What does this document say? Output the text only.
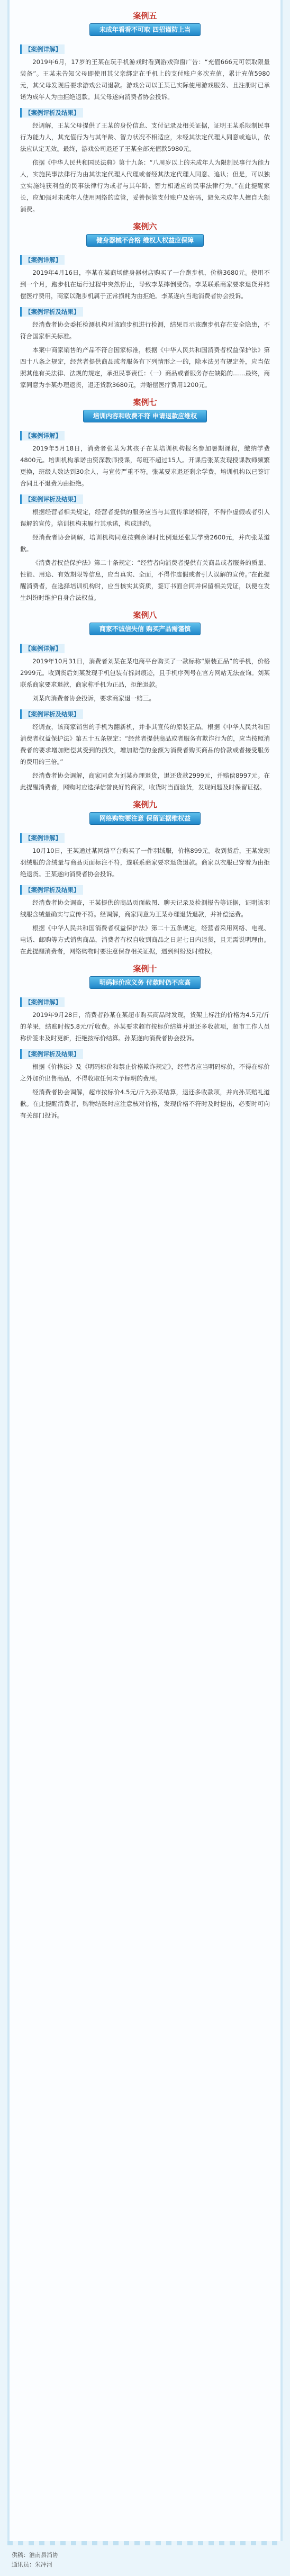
案例五
未成年看看不可取 四招谨防上当
【案例详解】

2019年6月，17岁的王某在玩手机游戏时看到游戏弹窗广告：“充值666元可领取限量装备”。王某未告知父母即使用其父亲绑定在手机上的支付账户多次充值，累计充值5980元，其父母发现后要求游戏公司退款。游戏公司以王某已实际使用游戏服务、且注册时已承诺为成年人为由拒绝退款。其父母遂向消费者协会投诉。

【案例评析及结果】

经调解，王某父母提供了王某的身份信息、支付记录及相关证据，证明王某系限制民事行为能力人，其充值行为与其年龄、智力状况不相适应，未经其法定代理人同意或追认，依法应认定无效。最终，游戏公司退还了王某全部充值款5980元。

依据《中华人民共和国民法典》第十九条：“八周岁以上的未成年人为限制民事行为能力人，实施民事法律行为由其法定代理人代理或者经其法定代理人同意、追认；但是，可以独立实施纯获利益的民事法律行为或者与其年龄、智力相适应的民事法律行为。”在此提醒家长，应加强对未成年人使用网络的监管，妥善保管支付账户及密码，避免未成年人擅自大额消费。

案例六
健身器械不合格 维权人权益应保障
【案例详解】

2019年4月16日，李某在某商场健身器材店购买了一台跑步机，价格3680元。使用不到一个月，跑步机在运行过程中突然停止，导致李某摔倒受伤。李某联系商家要求退货并赔偿医疗费用，商家以跑步机属于正常损耗为由拒绝。李某遂向当地消费者协会投诉。

【案例评析及结果】

经消费者协会委托检测机构对该跑步机进行检测，结果显示该跑步机存在安全隐患，不符合国家相关标准。

本案中商家销售的产品不符合国家标准，根据《中华人民共和国消费者权益保护法》第四十八条之规定，经营者提供商品或者服务有下列情形之一的，除本法另有规定外，应当依照其他有关法律、法规的规定，承担民事责任：（一）商品或者服务存在缺陷的……最终，商家同意为李某办理退货，退还货款3680元，并赔偿医疗费用1200元。

案例七
培训内容和收费不符 申请退款应维权
【案例详解】

2019年5月18日，消费者张某为其孩子在某培训机构报名参加暑期课程，缴纳学费4800元。培训机构承诺由资深教师授课，每班不超过15人。开课后张某发现授课教师频繁更换，班级人数达到30余人，与宣传严重不符。张某要求退还剩余学费，培训机构以已签订合同且不退费为由拒绝。

【案例评析及结果】

根据经营者相关规定，经营者提供的服务应当与其宣传承诺相符，不得作虚假或者引人误解的宣传。培训机构未履行其承诺，构成违约。

经消费者协会调解，培训机构同意按剩余课时比例退还张某学费2600元，并向张某道歉。

《消费者权益保护法》第二十条规定：“经营者向消费者提供有关商品或者服务的质量、性能、用途、有效期限等信息，应当真实、全面，不得作虚假或者引人误解的宣传。”在此提醒消费者，在选择培训机构时，应当核实其资质，签订书面合同并保留相关凭证，以便在发生纠纷时维护自身合法权益。

案例八
商家不诚信失信 购买产品需谨慎
【案例详解】

2019年10月31日，消费者刘某在某电商平台购买了一款标称“原装正品”的手机，价格2999元。收到货后刘某发现手机包装有拆封痕迹，且手机序列号在官方网站无法查询。刘某联系商家要求退款，商家称手机为正品，拒绝退款。

刘某向消费者协会投诉，要求商家退一赔三。

【案例评析及结果】

经调查，该商家销售的手机为翻新机，并非其宣传的原装正品。根据《中华人民共和国消费者权益保护法》第五十五条规定：“经营者提供商品或者服务有欺诈行为的，应当按照消费者的要求增加赔偿其受到的损失，增加赔偿的金额为消费者购买商品的价款或者接受服务的费用的三倍。”

经消费者协会调解，商家同意为刘某办理退货，退还货款2999元，并赔偿8997元。在此提醒消费者，网购时应选择信誉良好的商家，收货时当面验货，发现问题及时保留证据。

案例九
网络购物要注意 保留证据维权益
【案例详解】

10月10日，王某通过某网络平台购买了一件羽绒服，价格899元。收到货后，王某发现羽绒服的含绒量与商品页面标注不符，遂联系商家要求退货退款。商家以衣服已穿着为由拒绝退货。王某遂向消费者协会投诉。

【案例评析及结果】

经消费者协会调查，王某提供的商品页面截图、聊天记录及检测报告等证据，证明该羽绒服含绒量确实与宣传不符。经调解，商家同意为王某办理退货退款，并补偿运费。

根据《中华人民共和国消费者权益保护法》第二十五条规定，经营者采用网络、电视、电话、邮购等方式销售商品，消费者有权自收到商品之日起七日内退货，且无需说明理由。在此提醒消费者，网络购物时要注意保存相关证据，遇到纠纷及时维权。

案例十
明码标价应义务 付款时仍不应高
【案例详解】

2019年9月28日，消费者孙某在某超市购买商品时发现，货架上标注的价格为4.5元/斤的苹果，结账时按5.8元/斤收费。孙某要求超市按标价结算并退还多收款项，超市工作人员称价签未及时更新，拒绝按标价结算。孙某遂向消费者协会投诉。

【案例评析及结果】

根据《价格法》及《明码标价和禁止价格欺诈规定》，经营者应当明码标价，不得在标价之外加价出售商品，不得收取任何未予标明的费用。

经消费者协会调解，超市按标价4.5元/斤为孙某结算，退还多收款项，并向孙某赔礼道歉。在此提醒消费者，购物结账时应注意核对价格，发现价格不符时及时提出，必要时可向有关部门投诉。

供稿：淮南县消协
通讯员：朱冲河
